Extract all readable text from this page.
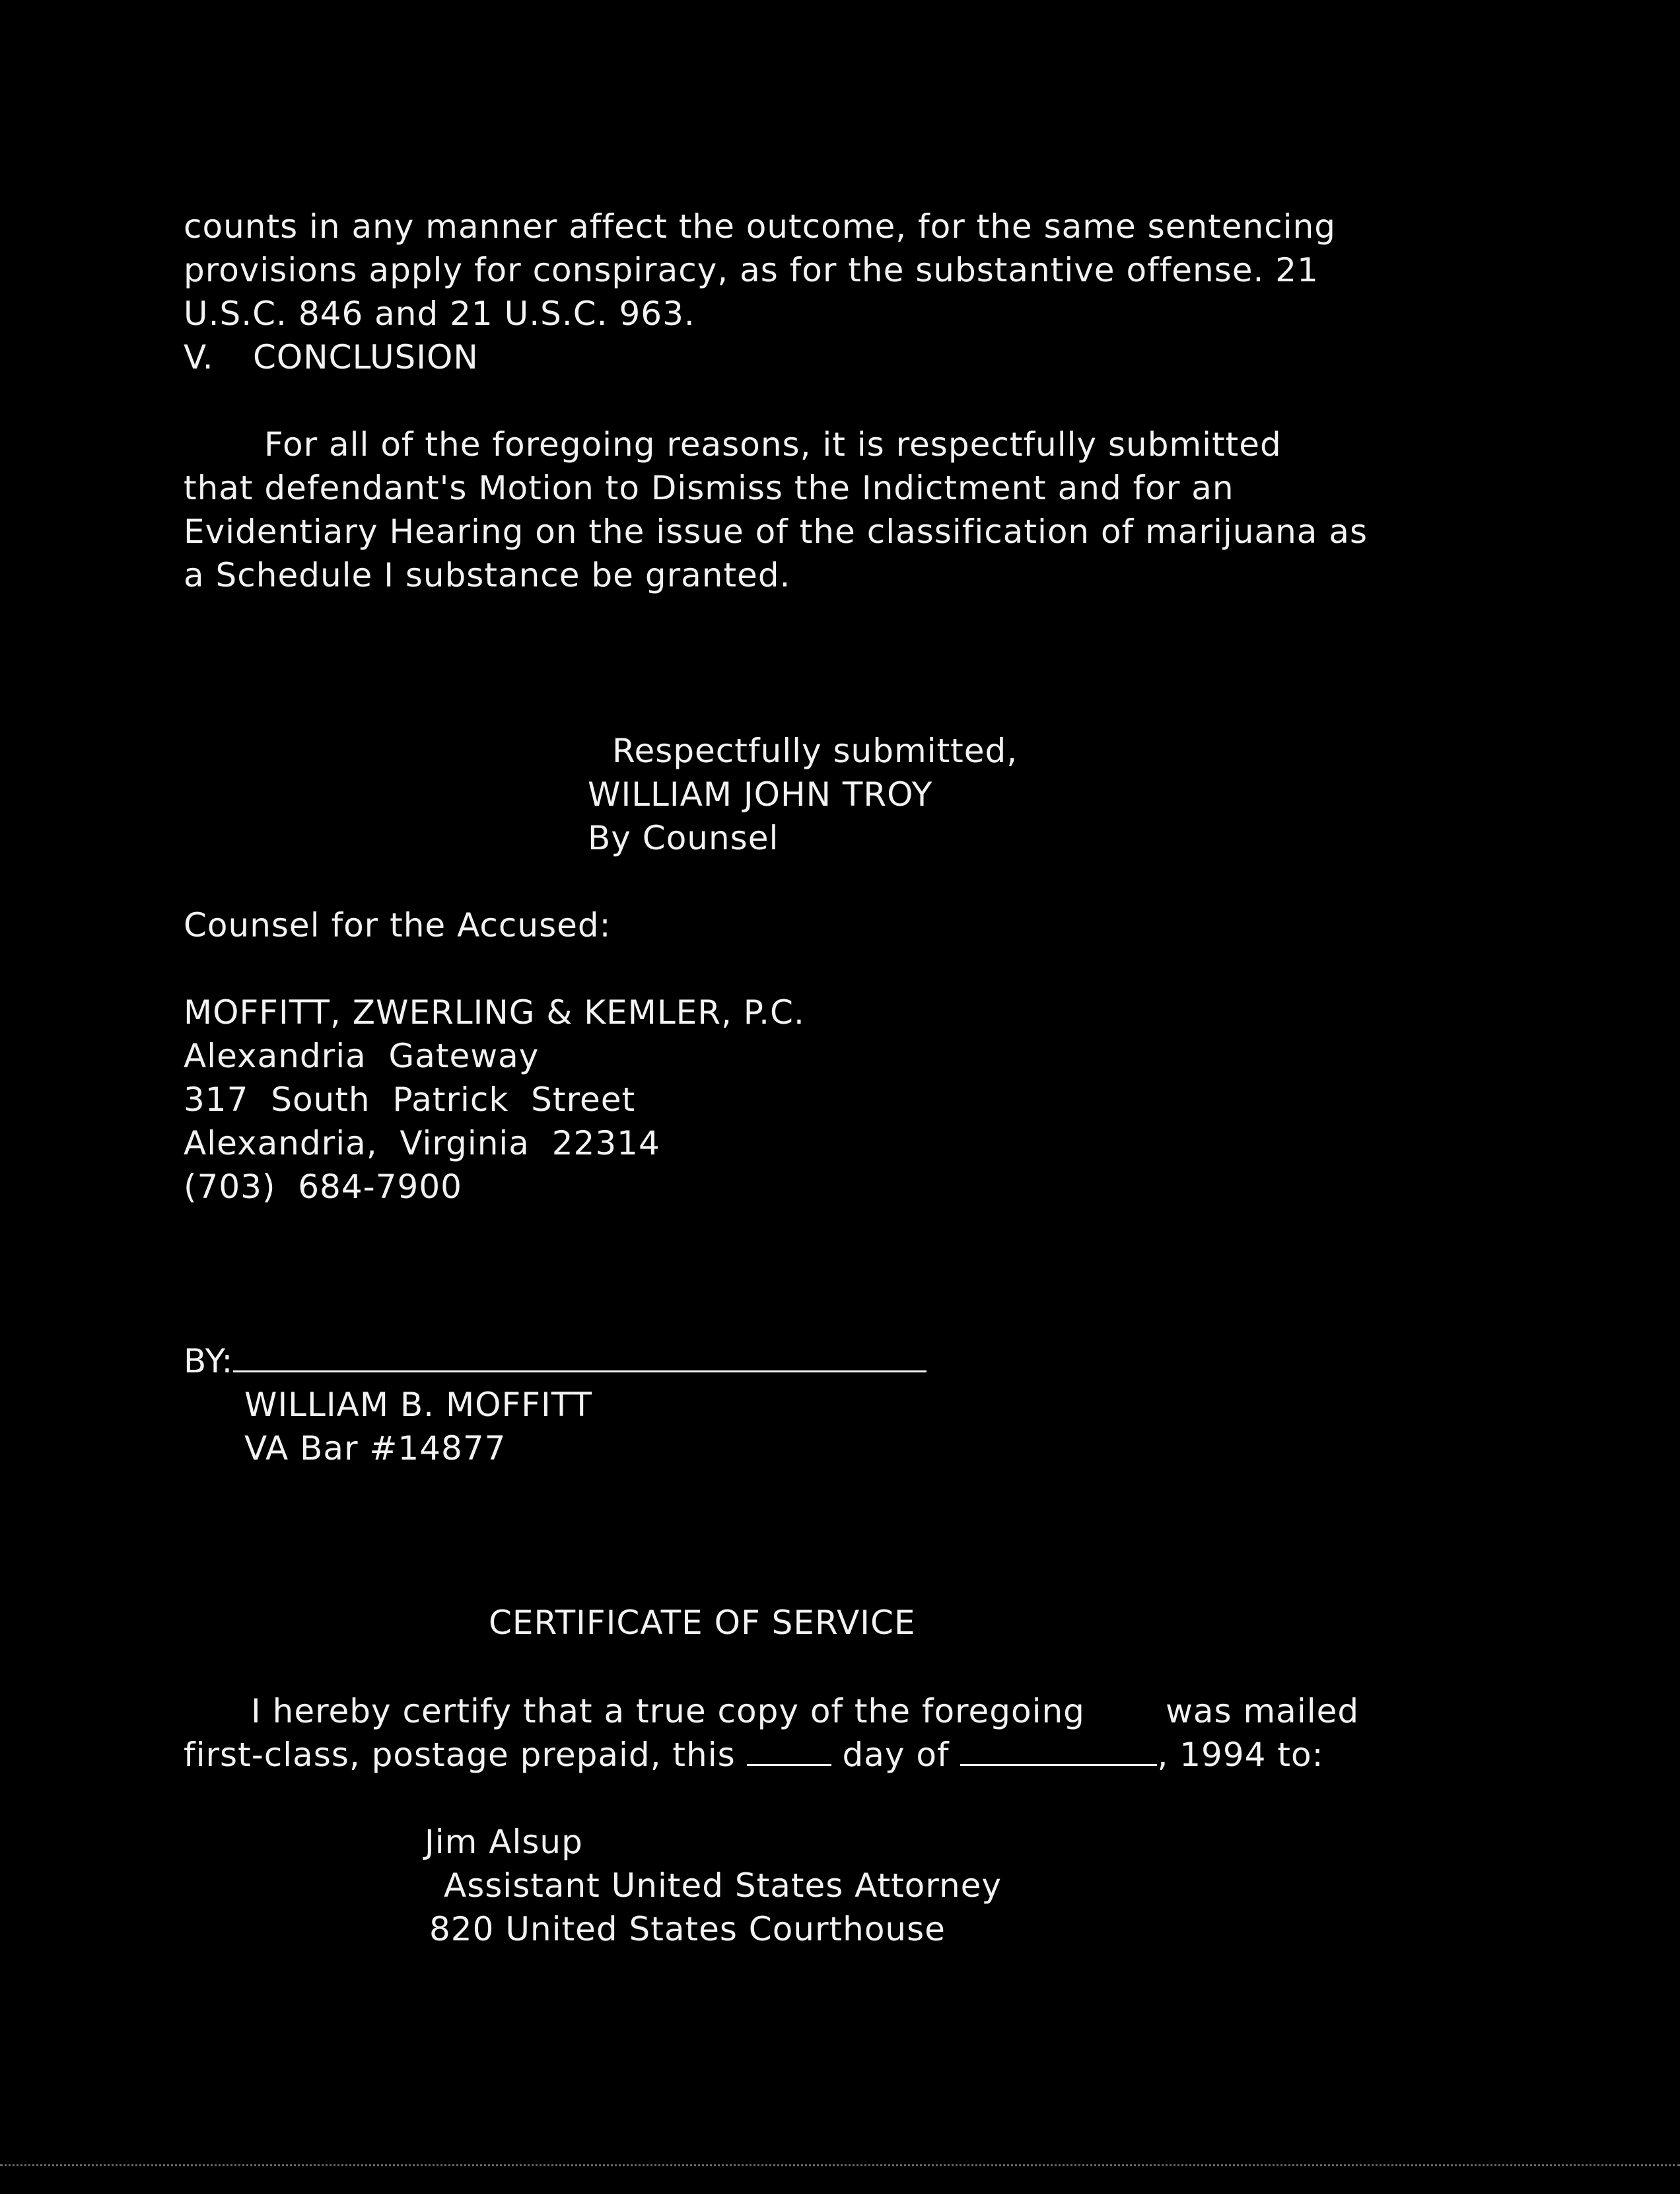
counts in any manner affect the outcome, for the same sentencing
provisions apply for conspiracy, as for the substantive offense. 21
U.S.C. 846 and 21 U.S.C. 963.
V. CONCLUSION
For all of the foregoing reasons, it is respectfully submitted
that defendant's Motion to Dismiss the Indictment and for an
Evidentiary Hearing on the issue of the classification of marijuana as
a Schedule I substance be granted.
Respectfully submitted,
WILLIAM JOHN TROY
By Counsel
Counsel for the Accused:
MOFFITT, ZWERLING & KEMLER, P.C.
Alexandria  Gateway
317  South  Patrick  Street
Alexandria,  Virginia  22314
(703)  684-7900
BY:
WILLIAM B. MOFFITT
VA Bar #14877
CERTIFICATE OF SERVICE
I hereby certify that a true copy of the foregoing was mailed
first-class, postage prepaid, this	day of	, 1994 to:
Jim Alsup
Assistant United States Attorney
820 United States Courthouse
